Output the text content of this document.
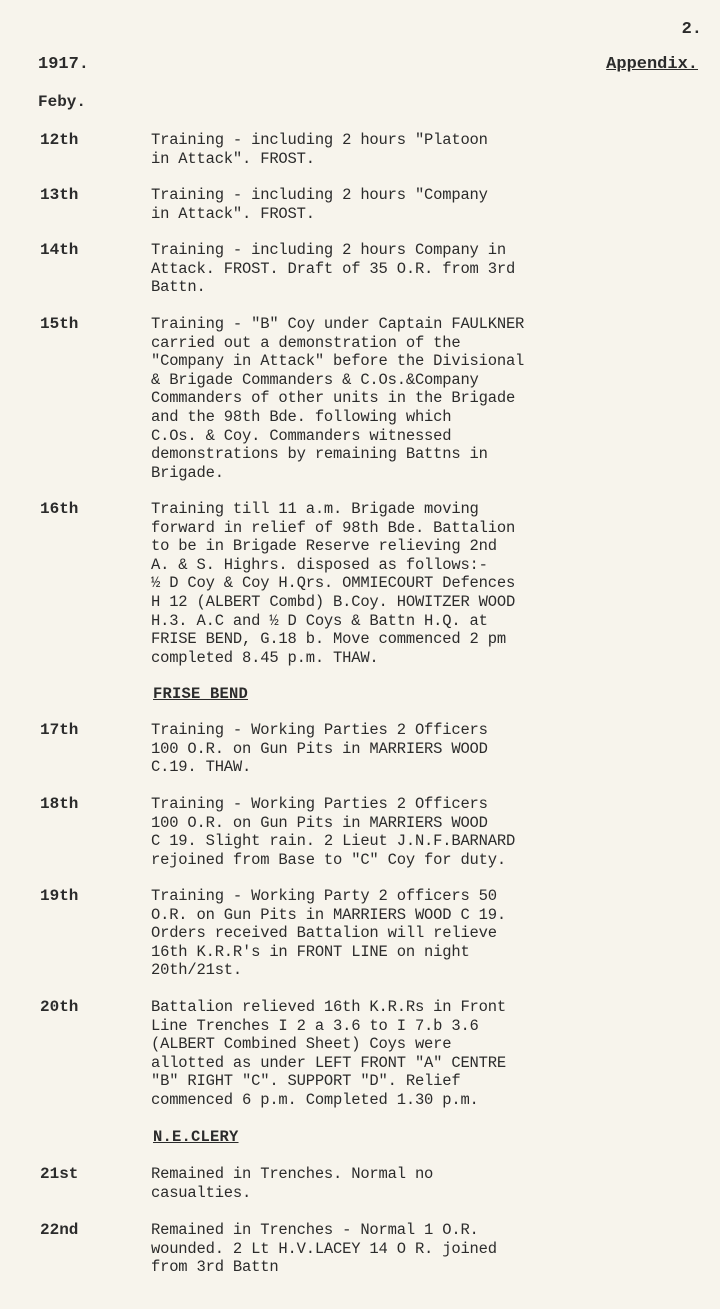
2.
1917.	Appendix.
Feby.
12th	Training - including 2 hours "Platoon
in Attack". FROST.
13th	Training - including 2 hours "Company
in Attack". FROST.
14th	Training - including 2 hours Company in
Attack. FROST. Draft of 35 O.R. from 3rd
Battn.
15th	Training - "B" Coy under Captain FAULKNER
carried out a demonstration of the
"Company in Attack" before the Divisional
& Brigade Commanders & C.Os.&Company
Commanders of other units in the Brigade
and the 98th Bde. following which
C.Os. & Coy. Commanders witnessed
demonstrations by remaining Battns in
Brigade.
16th	Training till 11 a.m. Brigade moving
forward in relief of 98th Bde. Battalion
to be in Brigade Reserve relieving 2nd
A. & S. Highrs. disposed as follows:-
½ D Coy & Coy H.Qrs. OMMIECOURT Defences
H 12 (ALBERT Combd) B.Coy. HOWITZER WOOD
H.3. A.C and ½ D Coys & Battn H.Q. at
FRISE BEND, G.18 b. Move commenced 2 pm
completed 8.45 p.m. THAW.
FRISE BEND
17th	Training - Working Parties 2 Officers
100 O.R. on Gun Pits in MARRIERS WOOD
C.19. THAW.
18th	Training - Working Parties 2 Officers
100 O.R. on Gun Pits in MARRIERS WOOD
C 19. Slight rain. 2 Lieut J.N.F.BARNARD
rejoined from Base to "C" Coy for duty.
19th	Training - Working Party 2 officers 50
O.R. on Gun Pits in MARRIERS WOOD C 19.
Orders received Battalion will relieve
16th K.R.R's in FRONT LINE on night
20th/21st.
20th	Battalion relieved 16th K.R.Rs in Front
Line Trenches I 2 a 3.6 to I 7.b 3.6
(ALBERT Combined Sheet) Coys were
allotted as under LEFT FRONT "A" CENTRE
"B" RIGHT "C". SUPPORT "D". Relief
commenced 6 p.m. Completed 1.30 p.m.
N.E.CLERY
21st	Remained in Trenches. Normal no
casualties.
22nd	Remained in Trenches - Normal 1 O.R.
wounded. 2 Lt H.V.LACEY 14 O R. joined
from 3rd Battn
